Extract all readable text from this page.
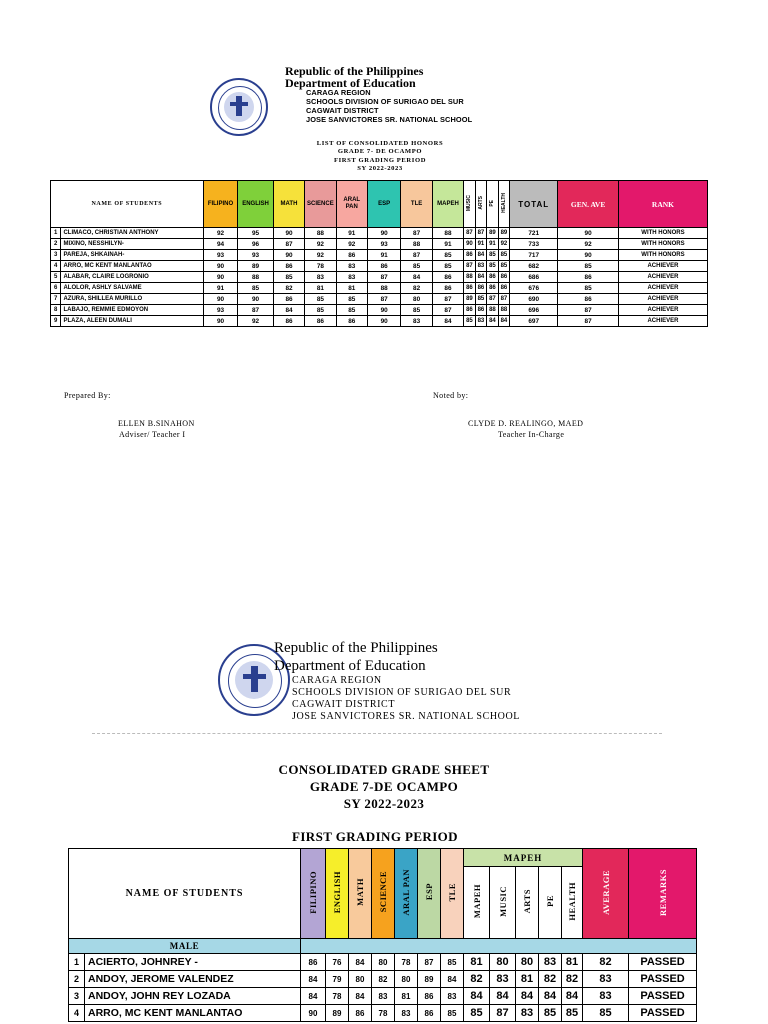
Republic of the Philippines
Department of Education
CARAGA REGION
SCHOOLS DIVISION OF SURIGAO DEL SUR
CAGWAIT DISTRICT
JOSE SANVICTORES SR. NATIONAL SCHOOL
LIST OF CONSOLIDATED HONORS
GRADE 7- DE OCAMPO
FIRST GRADING PERIOD
SY 2022-2023
NAME OF STUDENTS		FILIPINO	ENGLISH	MATH	SCIENCE	ARAL PAN	ESP	TLE	MAPEH	MUSIC	ARTS	PE	HEALTH	TOTAL	GEN. AVE	RANK
1	CLIMACO, CHRISTIAN ANTHONY	92	95	90	88	91	90	87	88	87	87	89	89	721	90	WITH HONORS
2	MIXINO, NESSHILYN-	94	96	87	92	92	93	88	91	90	91	91	92	733	92	WITH HONORS
3	PAREJA, SHKAINAH-	93	93	90	92	86	91	87	85	86	84	85	85	717	90	WITH HONORS
4	ARRO, MC KENT MANLANTAO	90	89	86	78	83	86	85	85	87	83	85	85	682	85	ACHIEVER
5	ALABAR, CLAIRE LOGRONIO	90	88	85	83	83	87	84	86	88	84	86	86	686	86	ACHIEVER
6	ALOLOR, ASHLY SALVAME	91	85	82	81	81	88	82	86	86	86	86	86	676	85	ACHIEVER
7	AZURA, SHILLEA MURILLO	90	90	86	85	85	87	80	87	89	85	87	87	690	86	ACHIEVER
8	LABAJO, REMMIE EDMOYON	93	87	84	85	85	90	85	87	86	86	88	88	696	87	ACHIEVER
9	PLAZA, ALEEN DUMALI	90	92	86	86	86	90	83	84	85	83	84	84	697	87	ACHIEVER
Prepared By:	Noted by:
ELLEN B.SINAHON
Adviser/ Teacher I
CLYDE D. REALINGO, MAED
Teacher In-Charge
Republic of the Philippines
Department of Education
CARAGA REGION
SCHOOLS DIVISION OF SURIGAO DEL SUR
CAGWAIT DISTRICT
JOSE SANVICTORES SR. NATIONAL SCHOOL
CONSOLIDATED GRADE SHEET
GRADE 7-DE OCAMPO
SY 2022-2023
FIRST GRADING PERIOD
NAME OF STUDENTS		FILIPINO	ENGLISH	MATH	SCIENCE	ARAL PAN	ESP	TLE	MAPEH					AVERAGE	REMARKS
									MAPEH	MUSIC	ARTS	PE	HEALTH		
MALE															
1	ACIERTO, JOHNREY -	86	76	84	80	78	87	85	81	80	80	83	81	82	PASSED
2	ANDOY, JEROME VALENDEZ	84	79	80	82	80	89	84	82	83	81	82	82	83	PASSED
3	ANDOY, JOHN REY LOZADA	84	78	84	83	81	86	83	84	84	84	84	84	83	PASSED
4	ARRO, MC KENT MANLANTAO	90	89	86	78	83	86	85	85	87	83	85	85	85	PASSED
